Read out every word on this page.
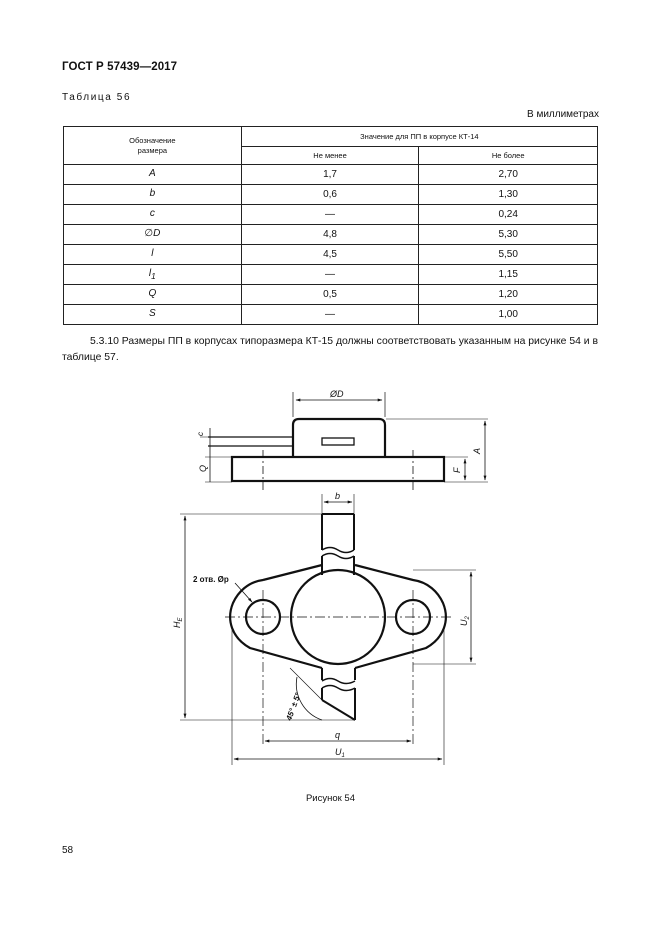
ГОСТ Р 57439—2017
Таблица 56
В миллиметрах
Обозначение размера	Значение для ПП в корпусе КТ-14	
	Не менее	Не более
A	1,7	2,70
b	0,6	1,30
c	—	0,24
∅D	4,8	5,30
l	4,5	5,50
$l_1$	—	1,15
Q	0,5	1,20
S	—	1,00
5.3.10 Размеры ПП в корпусах типоразмера КТ-15 должны соответствовать указанным на рисунке 54 и в таблице 57.
ØD
c
Q	F
A
b
2 отв. Øp
$H_E$
$U_2$
q
$U_1$
45° ± 5°
Рисунок 54
58
